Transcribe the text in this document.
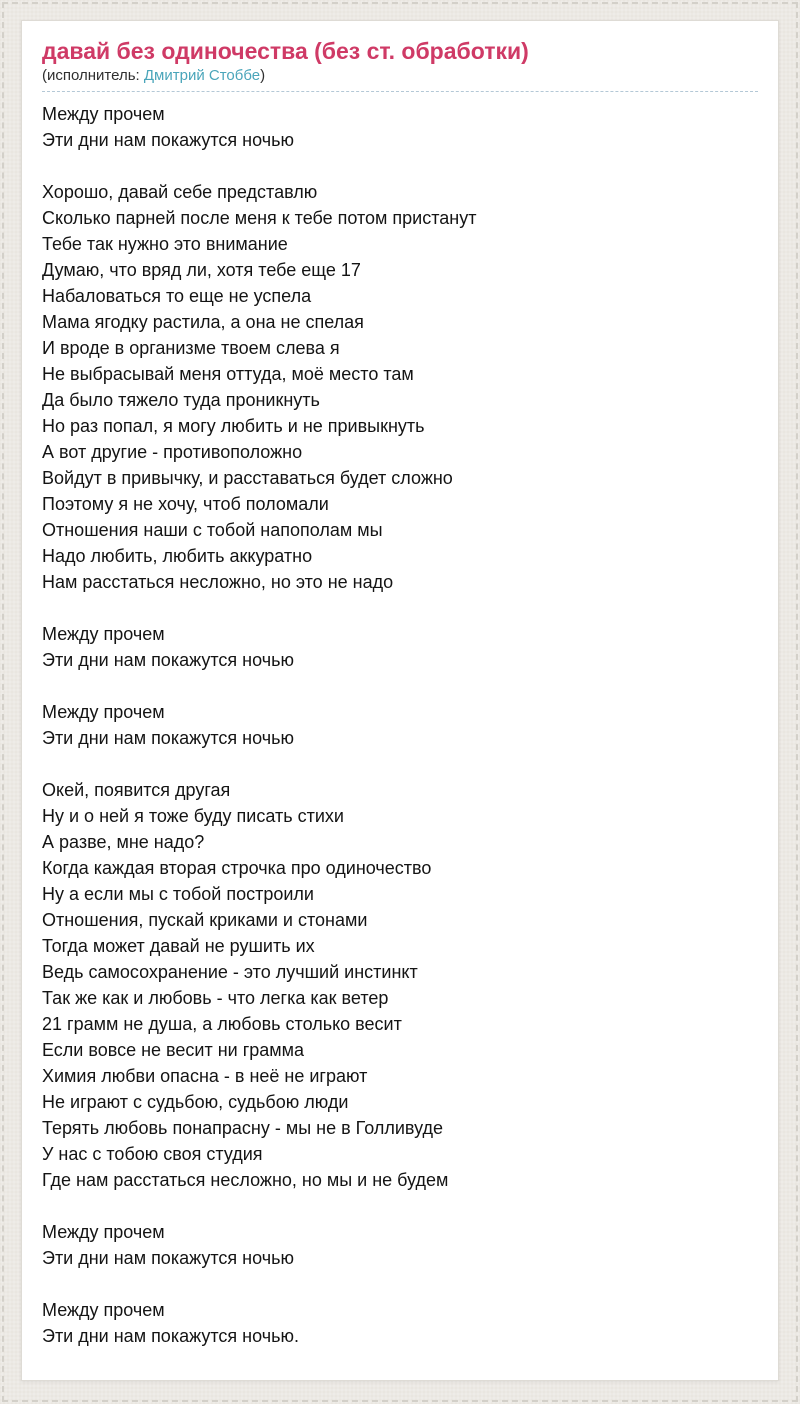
давай без одиночества (без ст. обработки)
(исполнитель: Дмитрий Стоббе)
Между прочем
Эти дни нам покажутся ночью

Хорошо, давай себе представлю
Сколько парней после меня к тебе потом пристанут
Тебе так нужно это внимание
Думаю, что вряд ли, хотя тебе еще 17
Набаловаться то еще не успела
Мама ягодку растила, а она не спелая
И вроде в организме твоем слева я
Не выбрасывай меня оттуда, моё место там
Да было тяжело туда проникнуть
Но раз попал, я могу любить и не привыкнуть
А вот другие - противоположно
Войдут в привычку, и расставаться будет сложно
Поэтому я не хочу, чтоб поломали
Отношения наши с тобой напополам мы
Надо любить, любить аккуратно
Нам расстаться несложно, но это не надо

Между прочем
Эти дни нам покажутся ночью

Между прочем
Эти дни нам покажутся ночью

Окей, появится другая
Ну и о ней я тоже буду писать стихи
А разве, мне надо?
Когда каждая вторая строчка про одиночество
Ну а если мы с тобой построили
Отношения, пускай криками и стонами
Тогда может давай не рушить их
Ведь самосохранение - это лучший инстинкт
Так же как и любовь - что легка как ветер
21 грамм не душа, а любовь столько весит
Если вовсе не весит ни грамма
Химия любви опасна - в неё не играют
Не играют с судьбою, судьбою люди
Терять любовь понапрасну - мы не в Голливуде
У нас с тобою своя студия
Где нам расстаться несложно, но мы и не будем

Между прочем
Эти дни нам покажутся ночью

Между прочем
Эти дни нам покажутся ночью.
